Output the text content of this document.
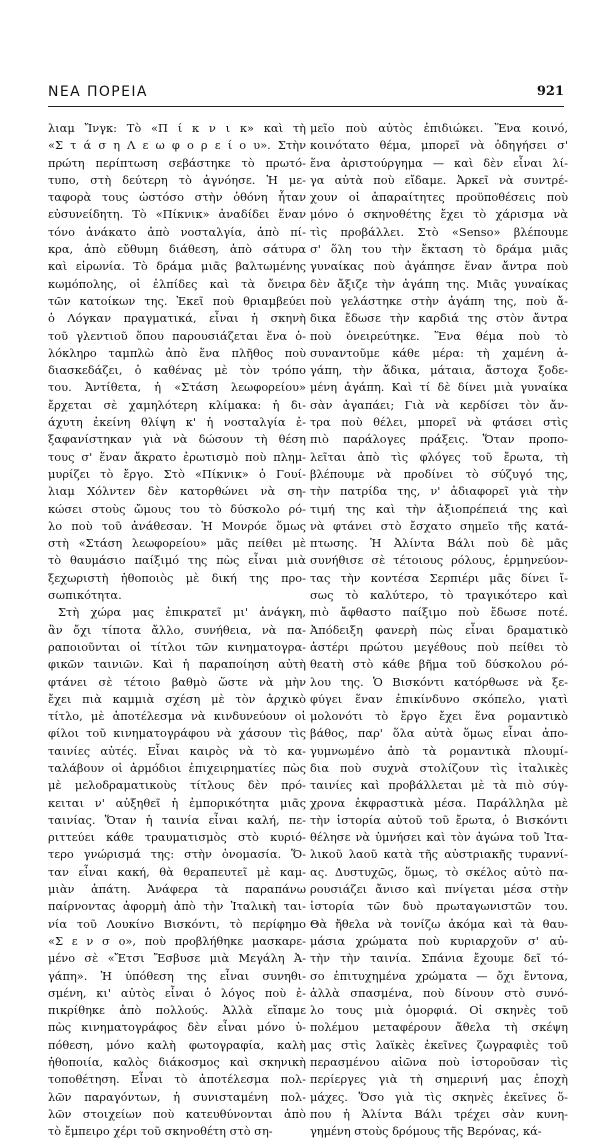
ΝΕΑ ΠΟΡΕΙΑ	921
λιαμ Ἴνγκ: Τὸ «Π ί κ ν ι κ» καὶ τὴ
«Σ τ ά σ η Λ ε ω φ ο ρ ε ί ο υ». Στὴν
πρώτη περίπτωση σεβάστηκε τὸ πρωτό-
τυπο, στὴ δεύτερη τὸ ἀγνόησε. Ἡ με-
ταφορὰ τους ὡστόσο στὴν ὀθόνη ἦταν
εὐσυνείδητη. Τὸ «Πίκνικ» ἀναδίδει ἕναν
τόνο ἀνάκατο ἀπὸ νοσταλγία, ἀπὸ πί-
κρα, ἀπὸ εὔθυμη διάθεση, ἀπὸ σάτυρα
καὶ εἰρωνία. Τὸ δράμα μιᾶς βαλτωμένης
κωμόπολης, οἱ ἐλπίδες καὶ τὰ ὄνειρα
τῶν κατοίκων της. Ἐκεῖ ποὺ θριαμβεύει
ὁ Λόγκαν πραγματικά, εἶναι ἡ σκηνὴ
τοῦ γλεντιοῦ ὅπου παρουσιάζεται ἕνα ὁ-
λόκληρο ταμπλὼ ἀπὸ ἕνα πλῆθος ποὺ
διασκεδάζει, ὁ καθένας μὲ τὸν τρόπο
του. Ἀντίθετα, ἡ «Στάση λεωφορείου»
ἔρχεται σὲ χαμηλότερη κλίμακα: ἡ δι-
άχυτη ἐκείνη θλίψη κ' ἡ νοσταλγία ἐ-
ξαφανίστηκαν γιὰ νὰ δώσουν τὴ θέση
τους σ' ἕναν ἄκρατο ἐρωτισμὸ ποὺ πλημ-
μυρίζει τὸ ἔργο. Στὸ «Πίκνικ» ὁ Γουί-
λιαμ Χόλντεν δὲν κατορθώνει νὰ ση-
κώσει στοὺς ὤμους του τὸ δύσκολο ρό-
λο ποὺ τοῦ ἀνάθεσαν. Ἡ Μονρόε ὅμως
στὴ «Στάση λεωφορείου» μᾶς πείθει μὲ
τὸ θαυμάσιο παίξιμό της πὼς εἶναι μιὰ
ξεχωριστὴ ἠθοποιὸς μὲ δική της προ-
σωπικότητα.
Στὴ χώρα μας ἐπικρατεῖ μι' ἀνάγκη,
ἂν ὄχι τίποτα ἄλλο, συνήθεια, νὰ πα-
ραποιοῦνται οἱ τίτλοι τῶν κινηματογρα-
φικῶν ταινιῶν. Καὶ ἡ παραποίηση αὐτὴ
φτάνει σὲ τέτοιο βαθμὸ ὥστε νὰ μὴν
ἔχει πιὰ καμμιὰ σχέση μὲ τὸν ἀρχικὸ
τίτλο, μὲ ἀποτέλεσμα νὰ κινδυνεύουν οἱ
φίλοι τοῦ κινηματογράφου νὰ χάσουν τὶς
ταινίες αὐτές. Εἶναι καιρὸς νὰ τὸ κα-
ταλάβουν οἱ ἁρμόδιοι ἐπιχειρηματίες πὼς
μὲ μελοδραματικοὺς τίτλους δὲν πρό-
κειται ν' αὐξηθεῖ ἡ ἐμπορικότητα μιᾶς
ταινίας. Ὅταν ἡ ταινία εἶναι καλή, πε-
ριττεύει κάθε τραυματισμὸς στὸ κυριό-
τερο γνώρισμά της: στὴν ὀνομασία. Ὅ-
ταν εἶναι κακή, θὰ θεραπευτεῖ μὲ καμ-
μιὰν ἀπάτη. Ἀνάφερα τὰ παραπάνω
παίρνοντας ἀφορμὴ ἀπὸ τὴν Ἰταλικὴ ται-
νία τοῦ Λουκίνο Βισκόντι, τὸ περίφημο
«Σ ε ν σ ο», ποὺ προβλήθηκε μασκαρε-
μένο σὲ «Ἔτσι Ἔσβυσε μιὰ Μεγάλη Ἀ-
γάπη». Ἡ ὑπόθεση της εἶναι συνηθι-
σμένη, κι' αὐτὸς εἶναι ὁ λόγος ποὺ ἐ-
πικρίθηκε ἀπὸ πολλούς. Ἀλλὰ εἴπαμε
πὼς κινηματογράφος δὲν εἶναι μόνο ὑ-
πόθεση, μόνο καλὴ φωτογραφία, καλὴ
ἠθοποιία, καλὸς διάκοσμος καὶ σκηνικὴ
τοποθέτηση. Εἶναι τὸ ἀποτέλεσμα πολ-
λῶν παραγόντων, ἡ συνισταμένη πολ-
λῶν στοιχείων ποὺ κατευθύνονται ἀπὸ
τὸ ἔμπειρο χέρι τοῦ σκηνοθέτη στὸ ση-
μεῖο ποὺ αὐτὸς ἐπιδιώκει. Ἕνα κοινό,
κοινότατο θέμα, μπορεῖ νὰ ὁδηγήσει σ'
ἕνα ἀριστούργημα — καὶ δὲν εἶναι λί-
γα αὐτὰ ποὺ εἴδαμε. Ἀρκεῖ νὰ συντρέ-
χουν οἱ ἀπαραίτητες προϋποθέσεις ποὺ
μόνο ὁ σκηνοθέτης ἔχει τὸ χάρισμα νὰ
τὶς προβάλλει. Στὸ «Senso» βλέπουμε
σ' ὅλη του τὴν ἔκταση τὸ δράμα μιᾶς
γυναίκας ποὺ ἀγάπησε ἕναν ἄντρα ποὺ
δὲν ἄξιζε τὴν ἀγάπη της. Μιᾶς γυναίκας
ποὺ γελάστηκε στὴν ἀγάπη της, ποὺ ἄ-
δικα ἔδωσε τὴν καρδιά της στὸν ἄντρα
ποὺ ὀνειρεύτηκε. Ἕνα θέμα ποὺ τὸ
συναντοῦμε κάθε μέρα: τὴ χαμένη ἀ-
γάπη, τὴν ἄδικα, μάταια, ἄστοχα ξοδε-
μένη ἀγάπη. Καὶ τί δὲ δίνει μιὰ γυναίκα
σὰν ἀγαπάει; Γιὰ νὰ κερδίσει τὸν ἄν-
τρα ποὺ θέλει, μπορεῖ νὰ φτάσει στὶς
πιὸ παράλογες πράξεις. Ὅταν προπο-
λεῖται ἀπὸ τὶς φλόγες τοῦ ἔρωτα, τὴ
βλέπουμε νὰ προδίνει τὸ σύζυγό της,
τὴν πατρίδα της, ν' ἀδιαφορεῖ γιὰ τὴν
τιμή της καὶ τὴν ἀξιοπρέπειά της καὶ
νὰ φτάνει στὸ ἔσχατο σημεῖο τῆς κατά-
πτωσης. Ἡ Ἀλίντα Βάλι ποὺ δὲ μᾶς
συνήθισε σὲ τέτοιους ρόλους, ἑρμηνεύον-
τας τὴν κοντέσα Σερπιέρι μᾶς δίνει ἴ-
σως τὸ καλύτερο, τὸ τραγικότερο καὶ
πιὸ ἄφθαστο παίξιμο ποὺ ἔδωσε ποτέ.
Ἀπόδειξη φανερὴ πὼς εἶναι δραματικὸ
ἀστέρι πρώτου μεγέθους ποὺ πείθει τὸ
θεατὴ στὸ κάθε βῆμα τοῦ δύσκολου ρό-
λου της. Ὁ Βισκόντι κατόρθωσε νὰ ξε-
φύγει ἕναν ἐπικίνδυνο σκόπελο, γιατὶ
μολονότι τὸ ἔργο ἔχει ἕνα ρομαντικὸ
βάθος, παρ' ὅλα αὐτὰ ὅμως εἶναι ἀπο-
γυμνωμένο ἀπὸ τὰ ρομαντικὰ πλουμί-
δια ποὺ συχνὰ στολίζουν τὶς ἰταλικὲς
ταινίες καὶ προβάλλεται μὲ τὰ πιὸ σύγ-
χρονα ἐκφραστικὰ μέσα. Παράλληλα μὲ
τὴν ἱστορία αὐτοῦ τοῦ ἔρωτα, ὁ Βισκόντι
θέλησε νὰ ὑμνήσει καὶ τὸν ἀγώνα τοῦ Ἰτα-
λικοῦ λαοῦ κατὰ τῆς αὐστριακῆς τυραννί-
ας. Δυστυχῶς, ὅμως, τὸ σκέλος αὐτὸ πα-
ρουσιάζει ἄνισο καὶ πνίγεται μέσα στὴν
ἱστορία τῶν δυὸ πρωταγωνιστῶν του.
Θὰ ἤθελα νὰ τονίζω ἀκόμα καὶ τὰ θαυ-
μάσια χρώματα ποὺ κυριαρχοῦν σ' αὐ-
τὴν τὴν ταινία. Σπάνια ἔχουμε δεῖ τό-
σο ἐπιτυχημένα χρώματα — ὄχι ἔντονα,
ἀλλὰ σπασμένα, ποὺ δίνουν στὸ συνό-
λο τους μιὰ ὁμορφιά. Οἱ σκηνὲς τοῦ
πολέμου μεταφέρουν ἄθελα τὴ σκέψη
μας στὶς λαϊκὲς ἐκεῖνες ζωγραφιὲς τοῦ
περασμένου αἰῶνα ποὺ ἱστοροῦσαν τὶς
περίεργες γιὰ τὴ σημερινή μας ἐποχὴ
μάχες. Ὅσο γιὰ τὶς σκηνὲς ἐκεῖνες ὅ-
που ἡ Ἀλίντα Βάλι τρέχει σὰν κυνη-
γημένη στοὺς δρόμους τῆς Βερόνας, κά-
